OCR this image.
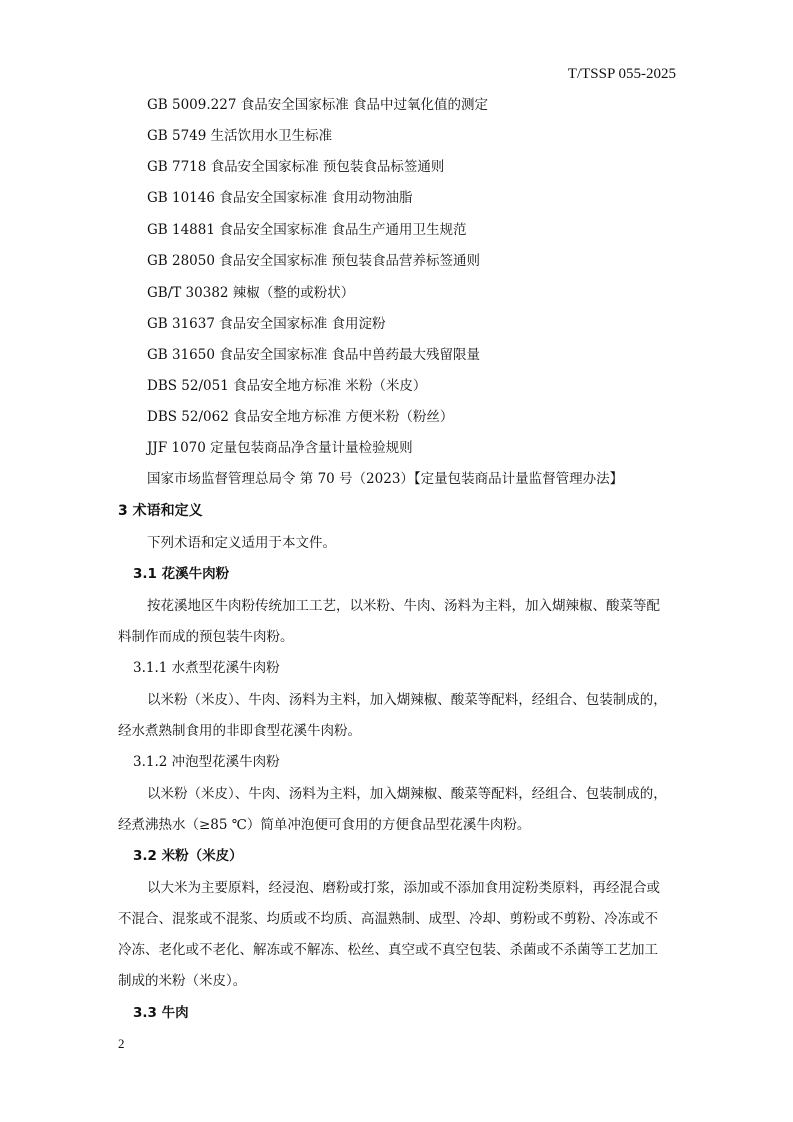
T/TSSP 055-2025
GB 5009.227 食品安全国家标准 食品中过氧化值的测定
GB 5749 生活饮用水卫生标准
GB 7718 食品安全国家标准 预包装食品标签通则
GB 10146 食品安全国家标准 食用动物油脂
GB 14881 食品安全国家标准 食品生产通用卫生规范
GB 28050 食品安全国家标准 预包装食品营养标签通则
GB/T 30382 辣椒（整的或粉状）
GB 31637 食品安全国家标准 食用淀粉
GB 31650 食品安全国家标准 食品中兽药最大残留限量
DBS 52/051 食品安全地方标准 米粉（米皮）
DBS 52/062 食品安全地方标准 方便米粉（粉丝）
JJF 1070 定量包装商品净含量计量检验规则
国家市场监督管理总局令 第 70 号（2023）【定量包装商品计量监督管理办法】
3 术语和定义
下列术语和定义适用于本文件。
3.1 花溪牛肉粉
按花溪地区牛肉粉传统加工工艺，以米粉、牛肉、汤料为主料，加入煳辣椒、酸菜等配
料制作而成的预包装牛肉粉。
3.1.1 水煮型花溪牛肉粉
以米粉（米皮）、牛肉、汤料为主料，加入煳辣椒、酸菜等配料，经组合、包装制成的，
经水煮熟制食用的非即食型花溪牛肉粉。
3.1.2 冲泡型花溪牛肉粉
以米粉（米皮）、牛肉、汤料为主料，加入煳辣椒、酸菜等配料，经组合、包装制成的，
经煮沸热水（≥85 ℃）简单冲泡便可食用的方便食品型花溪牛肉粉。
3.2 米粉（米皮）
以大米为主要原料，经浸泡、磨粉或打浆，添加或不添加食用淀粉类原料，再经混合或
不混合、混浆或不混浆、均质或不均质、高温熟制、成型、冷却、剪粉或不剪粉、冷冻或不
冷冻、老化或不老化、解冻或不解冻、松丝、真空或不真空包装、杀菌或不杀菌等工艺加工
制成的米粉（米皮）。
3.3 牛肉
2
